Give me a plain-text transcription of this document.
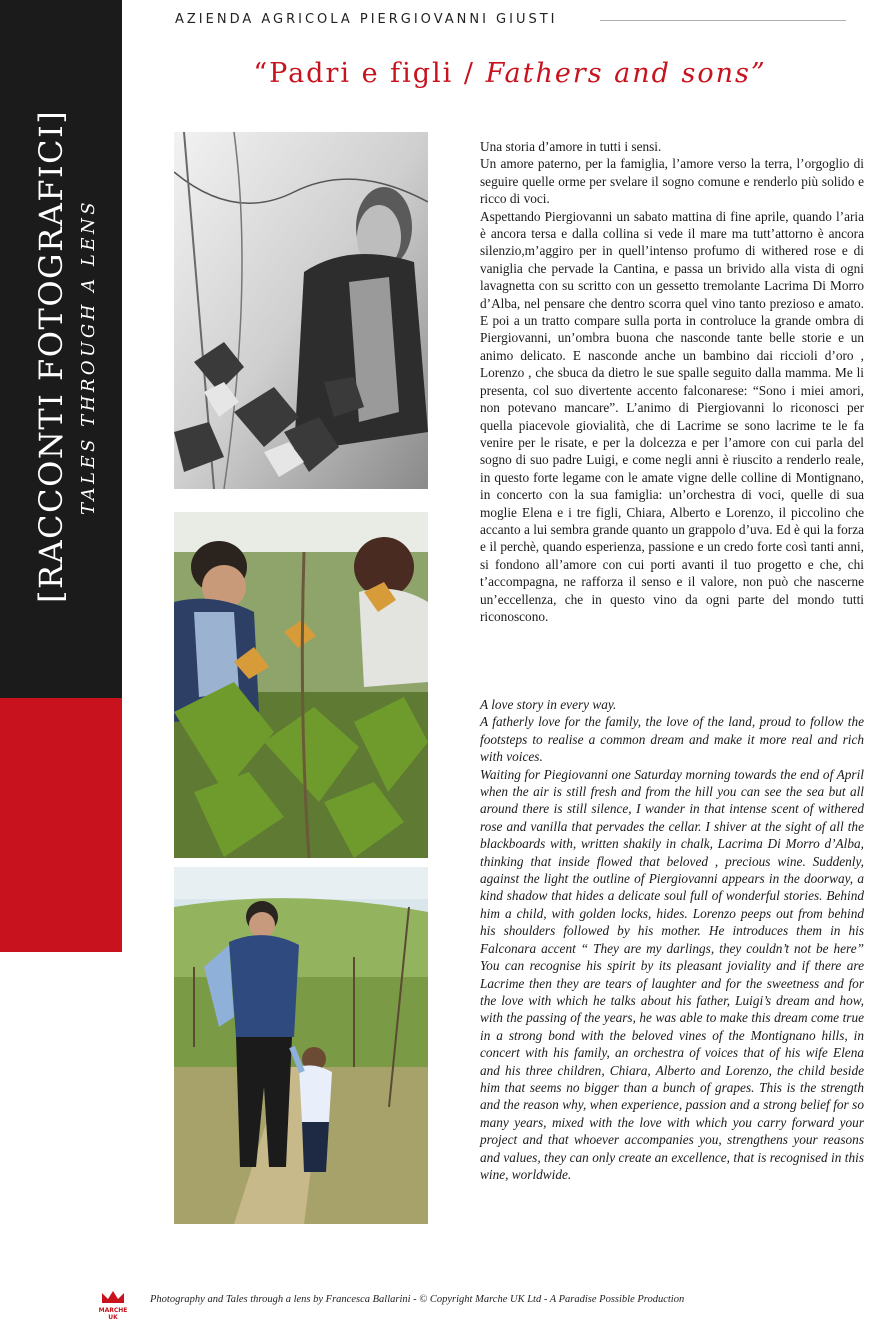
[RACCONTI FOTOGRAFICI] TALES THROUGH A LENS
AZIENDA AGRICOLA PIERGIOVANNI GIUSTI
“Padri e figli / Fathers and sons”

Una storia d’amore in tutti i sensi.

Un amore paterno, per la famiglia, l’amore verso la terra, l’orgoglio di seguire quelle orme per svelare il sogno comune e renderlo più solido e ricco di voci.

Aspettando Piergiovanni un sabato mattina di fine aprile, quando l’aria è ancora tersa e dalla collina si vede il mare ma tutt’attorno è ancora silenzio,m’aggiro per in quell’intenso profumo di withered rose e di vaniglia che pervade la Cantina, e passa un brivido alla vista di ogni lavagnetta con su scritto con un gessetto tremolante Lacrima Di Morro d’Alba, nel pensare che dentro scorra quel vino tanto prezioso e amato. E poi a un tratto compare sulla porta in controluce la grande ombra di Piergiovanni, un’ombra buona che nasconde tante belle storie e un animo delicato. E nasconde anche un bambino dai riccioli d’oro , Lorenzo , che sbuca da dietro le sue spalle seguito dalla mamma. Me li presenta, col suo divertente accento falconarese: “Sono i miei amori, non potevano mancare”. L’animo di Piergiovanni lo riconosci per quella piacevole giovialità, che di Lacrime se sono lacrime te le fa venire per le risate, e per la dolcezza e per l’amore con cui parla del sogno di suo padre Luigi, e come negli anni è riuscito a renderlo reale, in questo forte legame con le amate vigne delle colline di Montignano, in concerto con la sua famiglia: un’orchestra di voci, quelle di sua moglie Elena e i tre figli, Chiara, Alberto e Lorenzo, il piccolino che accanto a lui sembra grande quanto un grappolo d’uva. Ed è qui la forza e il perchè, quando esperienza, passione e un credo forte così tanti anni, si fondono all’amore con cui porti avanti il tuo progetto e che, chi t’accompagna, ne rafforza il senso e il valore, non può che nascerne un’eccellenza, che in questo vino da ogni parte del mondo tutti riconoscono.

A love story in every way.

A fatherly love for the family, the love of the land, proud to follow the footsteps to realise a common dream and make it more real and rich with voices.

Waiting for Piegiovanni one Saturday morning towards the end of April when the air is still fresh and from the hill you can see the sea but all around there is still silence, I wander in that intense scent of withered rose and vanilla that pervades the cellar. I shiver at the sight of all the blackboards with, written shakily in chalk, Lacrima Di Morro d’Alba, thinking that inside flowed that beloved , precious wine. Suddenly, against the light the outline of Piergiovanni appears in the doorway, a kind shadow that hides a delicate soul full of wonderful stories. Behind him a child, with golden locks, hides. Lorenzo peeps out from behind his shoulders followed by his mother. He introduces them in his Falconara accent “ They are my darlings, they couldn’t not be here” You can recognise his spirit by its pleasant joviality and if there are Lacrime then they are tears of laughter and for the sweetness and for the love with which he talks about his father, Luigi’s dream and how, with the passing of the years, he was able to make this dream come true in a strong bond with the beloved vines of the Montignano hills, in concert with his family, an orchestra of voices that of his wife Elena and his three children, Chiara, Alberto and Lorenzo, the child beside him that seems no bigger than a bunch of grapes. This is the strength and the reason why, when experience, passion and a strong belief for so many years, mixed with the love with which you carry forward your project and that whoever accompanies you, strengthens your reasons and values, they can only create an excellence, that is recognised in this wine, worldwide.

MARCHE
UK
Photography and Tales through a lens by Francesca Ballarini - © Copyright Marche UK Ltd - A Paradise Possible Production
